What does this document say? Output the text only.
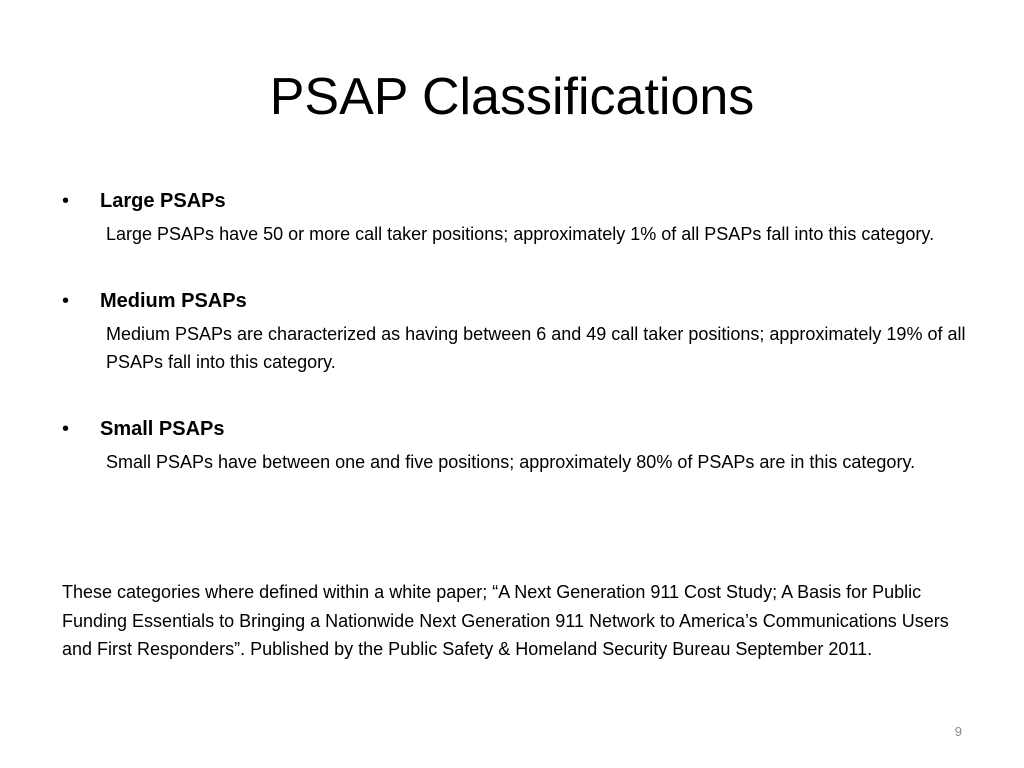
PSAP Classifications
• Large PSAPs
Large PSAPs have 50 or more call taker positions; approximately 1% of all PSAPs fall into this category.
• Medium PSAPs
Medium PSAPs are characterized as having between 6 and 49 call taker positions; approximately 19% of all PSAPs fall into this category.
• Small PSAPs
Small PSAPs have between one and five positions; approximately 80% of PSAPs are in this category.

These categories where defined within a white paper; “A Next Generation 911 Cost Study; A Basis for Public Funding Essentials to Bringing a Nationwide Next Generation 911 Network to America’s Communications Users and First Responders”. Published by the Public Safety & Homeland Security Bureau September 2011.

9
